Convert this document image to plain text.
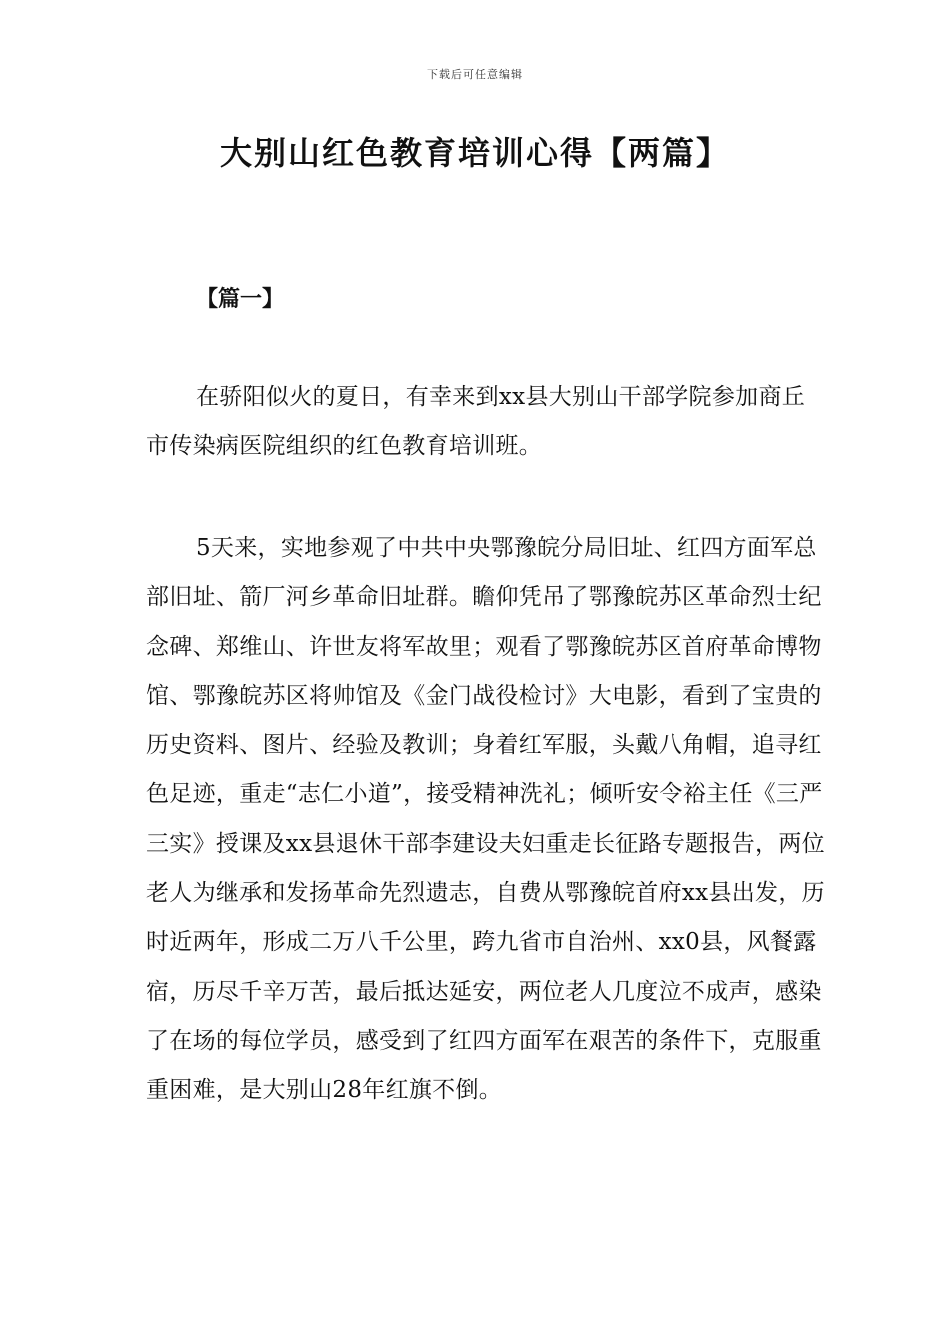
下载后可任意编辑
大别山红色教育培训心得【两篇】
【篇一】

在骄阳似火的夏日，有幸来到xx县大别山干部学院参加商丘市传染病医院组织的红色教育培训班。

5天来，实地参观了中共中央鄂豫皖分局旧址、红四方面军总部旧址、箭厂河乡革命旧址群。瞻仰凭吊了鄂豫皖苏区革命烈士纪念碑、郑维山、许世友将军故里；观看了鄂豫皖苏区首府革命博物馆、鄂豫皖苏区将帅馆及《金门战役检讨》大电影，看到了宝贵的历史资料、图片、经验及教训；身着红军服，头戴八角帽，追寻红色足迹，重走“志仁小道”，接受精神洗礼；倾听安令裕主任《三严三实》授课及xx县退休干部李建设夫妇重走长征路专题报告，两位老人为继承和发扬革命先烈遗志，自费从鄂豫皖首府xx县出发，历时近两年，形成二万八千公里，跨九省市自治州、xx0县，风餐露宿，历尽千辛万苦，最后抵达延安，两位老人几度泣不成声，感染了在场的每位学员，感受到了红四方面军在艰苦的条件下，克服重重困难，是大别山28年红旗不倒。
